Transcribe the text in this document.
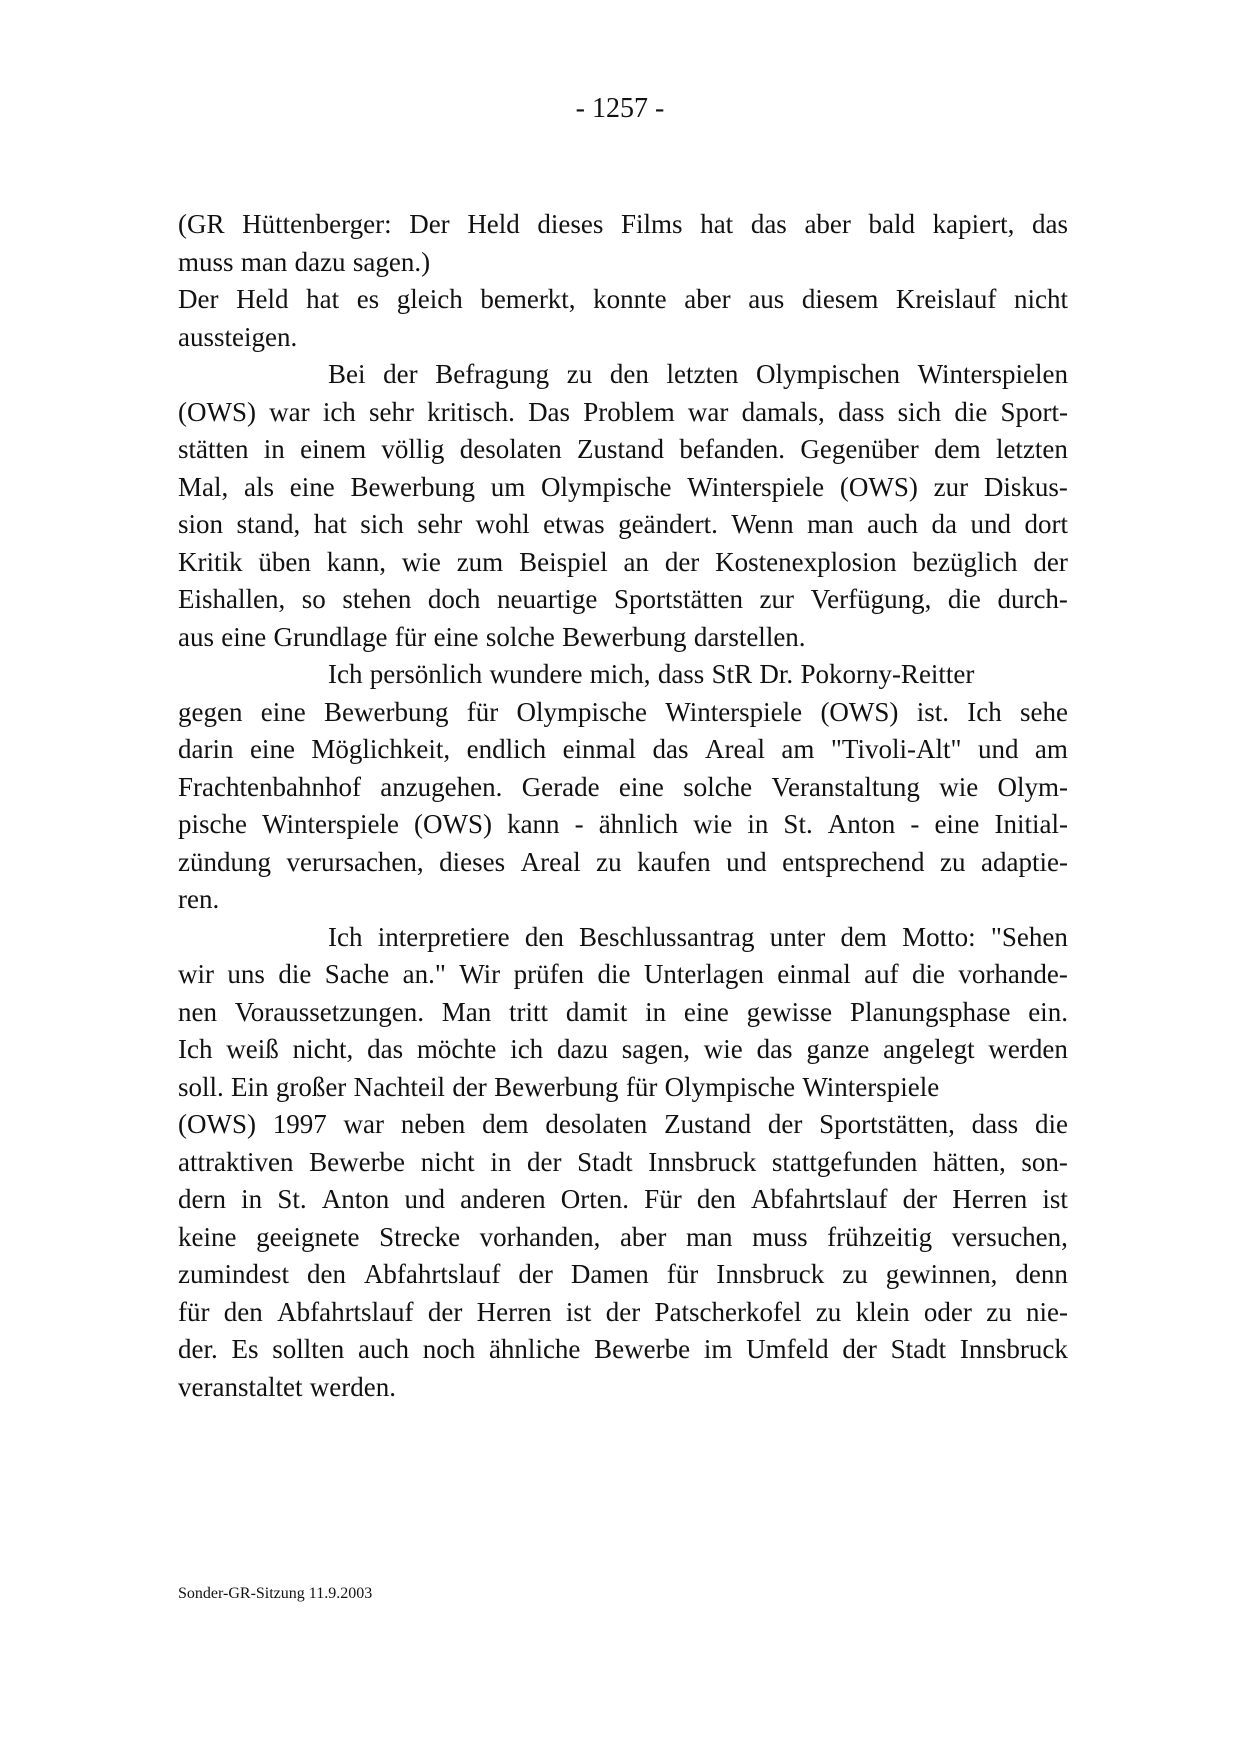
- 1257 -
(GR Hüttenberger: Der Held dieses Films hat das aber bald kapiert, das
muss man dazu sagen.)
Der Held hat es gleich bemerkt, konnte aber aus diesem Kreislauf nicht
aussteigen.
Bei der Befragung zu den letzten Olympischen Winterspielen
(OWS) war ich sehr kritisch. Das Problem war damals, dass sich die Sport-
stätten in einem völlig desolaten Zustand befanden. Gegenüber dem letzten
Mal, als eine Bewerbung um Olympische Winterspiele (OWS) zur Diskus-
sion stand, hat sich sehr wohl etwas geändert. Wenn man auch da und dort
Kritik üben kann, wie zum Beispiel an der Kostenexplosion bezüglich der
Eishallen, so stehen doch neuartige Sportstätten zur Verfügung, die durch-
aus eine Grundlage für eine solche Bewerbung darstellen.
Ich persönlich wundere mich, dass StR Dr. Pokorny-Reitter
gegen eine Bewerbung für Olympische Winterspiele (OWS) ist. Ich sehe
darin eine Möglichkeit, endlich einmal das Areal am "Tivoli-Alt" und am
Frachtenbahnhof anzugehen. Gerade eine solche Veranstaltung wie Olym-
pische Winterspiele (OWS) kann - ähnlich wie in St. Anton - eine Initial-
zündung verursachen, dieses Areal zu kaufen und entsprechend zu adaptie-
ren.
Ich interpretiere den Beschlussantrag unter dem Motto: "Sehen
wir uns die Sache an." Wir prüfen die Unterlagen einmal auf die vorhande-
nen Voraussetzungen. Man tritt damit in eine gewisse Planungsphase ein.
Ich weiß nicht, das möchte ich dazu sagen, wie das ganze angelegt werden
soll. Ein großer Nachteil der Bewerbung für Olympische Winterspiele
(OWS) 1997 war neben dem desolaten Zustand der Sportstätten, dass die
attraktiven Bewerbe nicht in der Stadt Innsbruck stattgefunden hätten, son-
dern in St. Anton und anderen Orten. Für den Abfahrtslauf der Herren ist
keine geeignete Strecke vorhanden, aber man muss frühzeitig versuchen,
zumindest den Abfahrtslauf der Damen für Innsbruck zu gewinnen, denn
für den Abfahrtslauf der Herren ist der Patscherkofel zu klein oder zu nie-
der. Es sollten auch noch ähnliche Bewerbe im Umfeld der Stadt Innsbruck
veranstaltet werden.
Sonder-GR-Sitzung 11.9.2003
